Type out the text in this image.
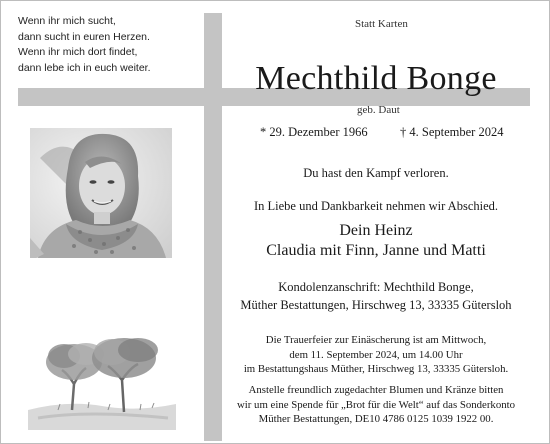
Wenn ihr mich sucht,
dann sucht in euren Herzen.
Wenn ihr mich dort findet,
dann lebe ich in euch weiter.
Statt Karten
Mechthild Bonge
geb. Daut
* 29. Dezember 1966	† 4. September 2024
Du hast den Kampf verloren.
In Liebe und Dankbarkeit nehmen wir Abschied.
Dein Heinz
Claudia mit Finn, Janne und Matti
Kondolenzanschrift: Mechthild Bonge,
Müther Bestattungen, Hirschweg 13, 33335 Gütersloh
Die Trauerfeier zur Einäscherung ist am Mittwoch,
dem 11. September 2024, um 14.00 Uhr
im Bestattungshaus Müther, Hirschweg 13, 33335 Gütersloh.
Anstelle freundlich zugedachter Blumen und Kränze bitten
wir um eine Spende für „Brot für die Welt“ auf das Sonderkonto
Müther Bestattungen, DE10 4786 0125 1039 1922 00.
